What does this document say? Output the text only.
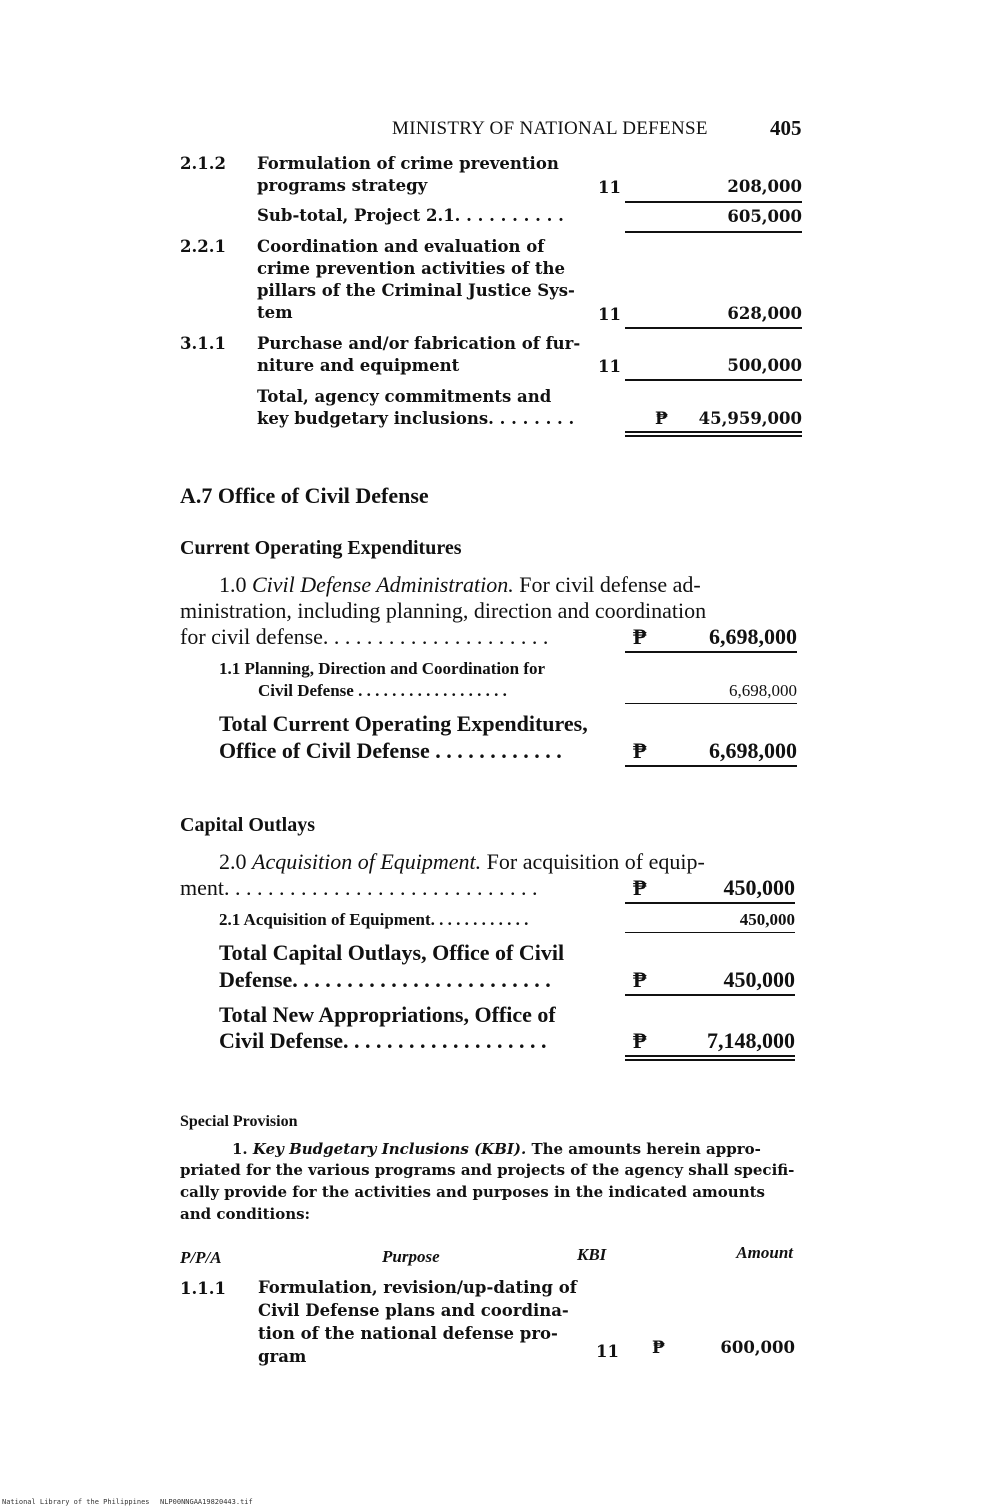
MINISTRY OF NATIONAL DEFENSE	405
2.1.2 Formulation of crime prevention
programs strategy	11	208,000
Sub-total, Project 2.1. . . . . . . . . .	605,000
2.2.1 Coordination and evaluation of
crime prevention activities of the
pillars of the Criminal Justice Sys-
tem	11	628,000
3.1.1 Purchase and/or fabrication of fur-
niture and equipment	11	500,000
Total, agency commitments and
key budgetary inclusions. . . . . . . .	₱ 45,959,000
A.7 Office of Civil Defense
Current Operating Expenditures
1.0 Civil Defense Administration. For civil defense ad-
ministration, including planning, direction and coordination
for civil defense. . . . . . . . . . . . . . . . . . . . .	₱	6,698,000
1.1 Planning, Direction and Coordination for
Civil Defense . . . . . . . . . . . . . . . . . .	6,698,000
Total Current Operating Expenditures,
Office of Civil Defense . . . . . . . . . . . .	₱	6,698,000
Capital Outlays
2.0 Acquisition of Equipment. For acquisition of equip-
ment. . . . . . . . . . . . . . . . . . . . . . . . . . . . .	₱	450,000
2.1 Acquisition of Equipment. . . . . . . . . . . .	450,000
Total Capital Outlays, Office of Civil
Defense. . . . . . . . . . . . . . . . . . . . . . . .	₱	450,000
Total New Appropriations, Office of
Civil Defense. . . . . . . . . . . . . . . . . . .	₱	7,148,000
Special Provision
1. Key Budgetary Inclusions (KBI). The amounts herein appro-
priated for the various programs and projects of the agency shall specifi-
cally provide for the activities and purposes in the indicated amounts
and conditions:
P/P/A	Purpose	KBI	Amount
1.1.1 Formulation, revision/up-dating of
Civil Defense plans and coordina-
tion of the national defense pro-
gram	11 ₱	600,000
National Library of the Philippines NLP00NNGAA19820443.tif
